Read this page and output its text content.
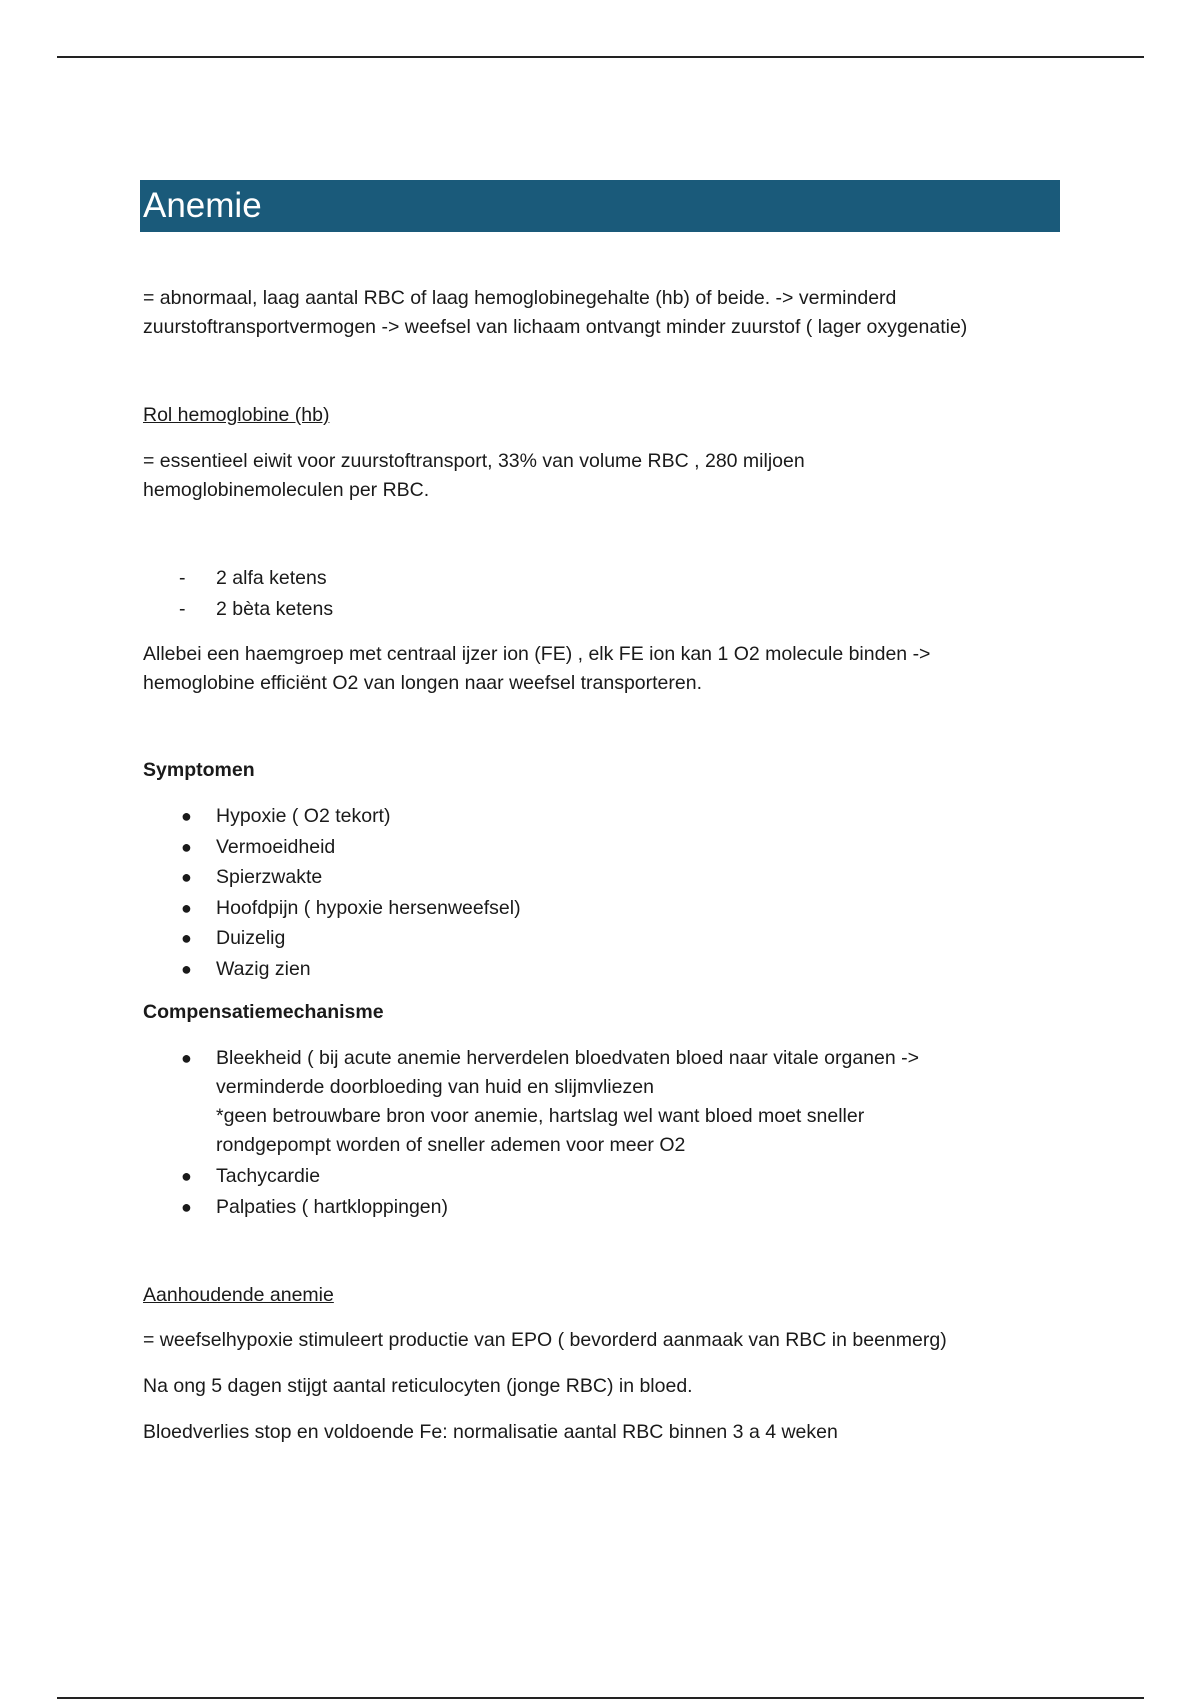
Anemie

= abnormaal, laag aantal RBC of laag hemoglobinegehalte (hb) of beide. -> verminderd

zuurstoftransportvermogen -> weefsel van lichaam ontvangt minder zuurstof ( lager oxygenatie)

Rol hemoglobine (hb)

= essentieel eiwit voor zuurstoftransport, 33% van volume RBC , 280 miljoen

hemoglobinemoleculen per RBC.

- 2 alfa ketens
- 2 bèta ketens

Allebei een haemgroep met centraal ijzer ion (FE) , elk FE ion kan 1 O2 molecule binden ->

hemoglobine efficiënt O2 van longen naar weefsel transporteren.

Symptomen

● Hypoxie ( O2 tekort)
● Vermoeidheid
● Spierzwakte
● Hoofdpijn ( hypoxie hersenweefsel)
● Duizelig
● Wazig zien

Compensatiemechanisme

● Bleekheid ( bij acute anemie herverdelen bloedvaten bloed naar vitale organen ->
verminderde doorbloeding van huid en slijmvliezen
*geen betrouwbare bron voor anemie, hartslag wel want bloed moet sneller
rondgepompt worden of sneller ademen voor meer O2
● Tachycardie
● Palpaties ( hartkloppingen)

Aanhoudende anemie

= weefselhypoxie stimuleert productie van EPO ( bevorderd aanmaak van RBC in beenmerg)

Na ong 5 dagen stijgt aantal reticulocyten (jonge RBC) in bloed.

Bloedverlies stop en voldoende Fe: normalisatie aantal RBC binnen 3 a 4 weken
